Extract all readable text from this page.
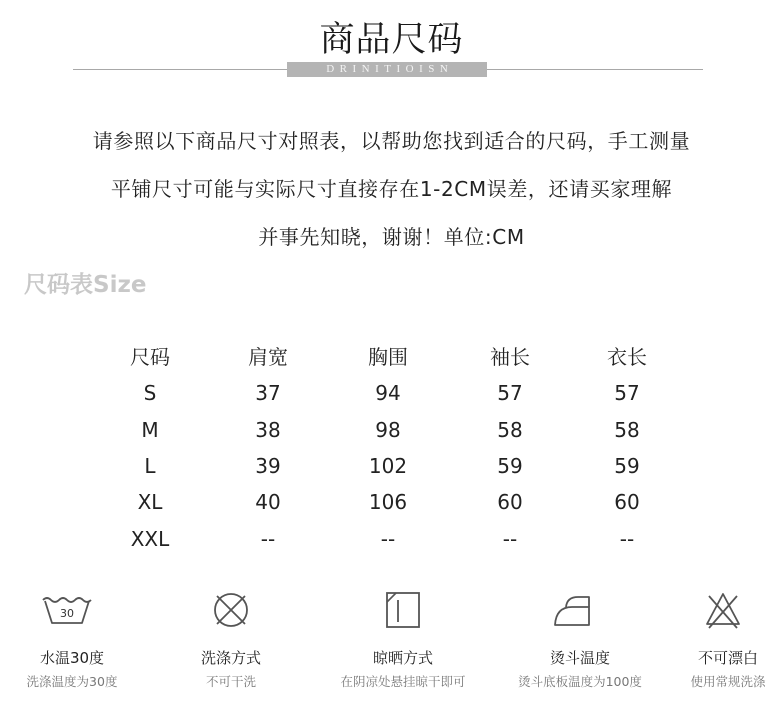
商品尺码
DRINITIOISN
请参照以下商品尺寸对照表，以帮助您找到适合的尺码，手工测量
平铺尺寸可能与实际尺寸直接存在1-2CM误差，还请买家理解
并事先知晓，谢谢！单位:CM
尺码表Size
尺码	肩宽	胸围	袖长	衣长
S	37	94	57	57
M	38	98	58	58
L	39	102	59	59
XL	40	106	60	60
XXL	--	--	--	--
30
水温30度
洗涤温度为30度
洗涤方式
不可干洗
晾晒方式
在阴凉处悬挂晾干即可
烫斗温度
烫斗底板温度为100度
不可漂白
使用常规洗涤
